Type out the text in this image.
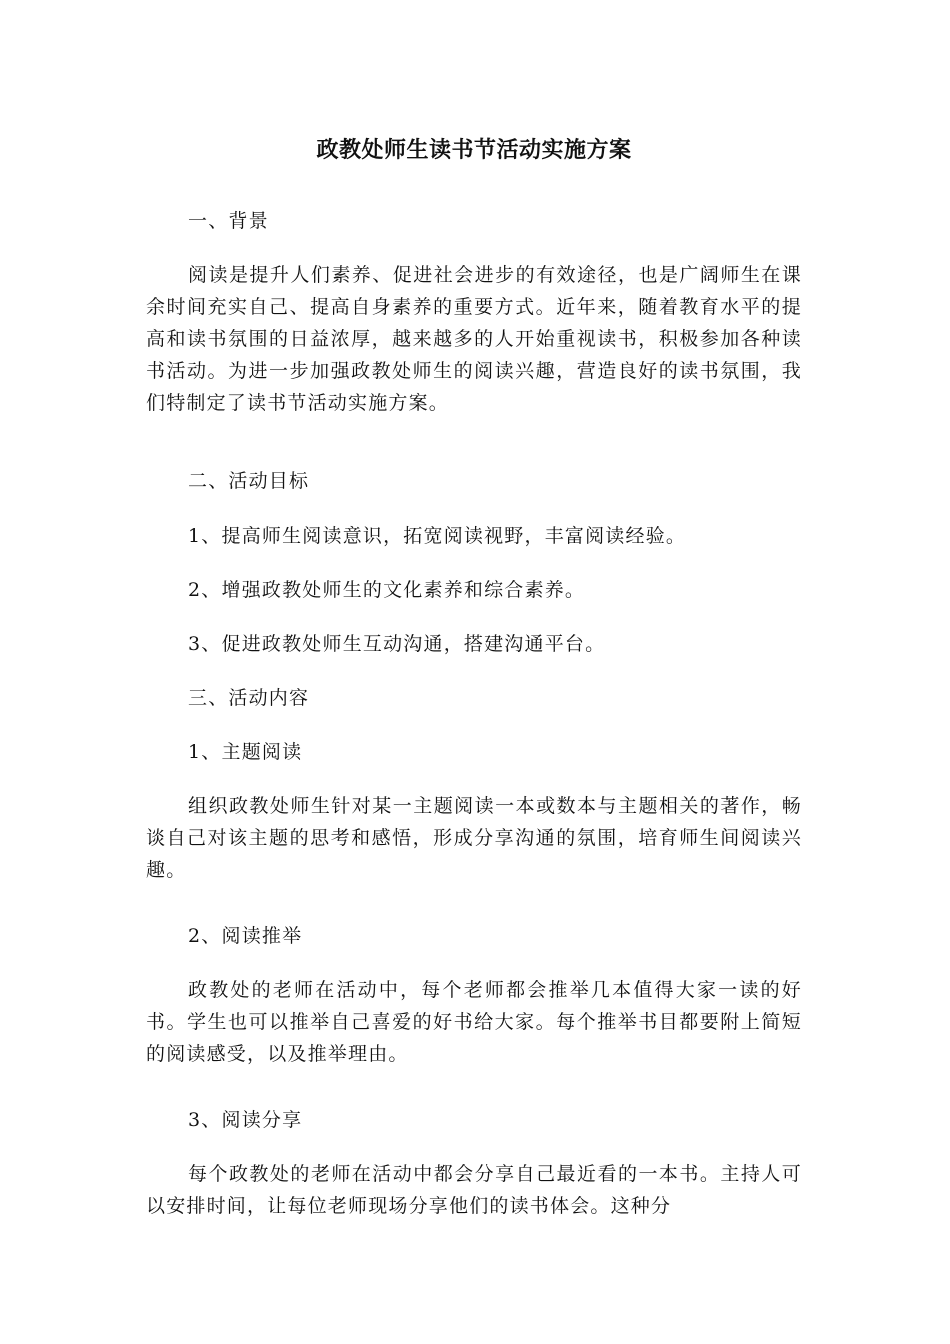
政教处师生读书节活动实施方案

一、背景

阅读是提升人们素养、促进社会进步的有效途径，也是广阔师生在课余时间充实自己、提高自身素养的重要方式。近年来，随着教育水平的提高和读书氛围的日益浓厚，越来越多的人开始重视读书，积极参加各种读书活动。为进一步加强政教处师生的阅读兴趣，营造良好的读书氛围，我们特制定了读书节活动实施方案。

二、活动目标

1、提高师生阅读意识，拓宽阅读视野，丰富阅读经验。

2、增强政教处师生的文化素养和综合素养。

3、促进政教处师生互动沟通，搭建沟通平台。

三、活动内容

1、主题阅读

组织政教处师生针对某一主题阅读一本或数本与主题相关的著作，畅谈自己对该主题的思考和感悟，形成分享沟通的氛围，培育师生间阅读兴趣。

2、阅读推举

政教处的老师在活动中，每个老师都会推举几本值得大家一读的好书。学生也可以推举自己喜爱的好书给大家。每个推举书目都要附上简短的阅读感受，以及推举理由。

3、阅读分享

每个政教处的老师在活动中都会分享自己最近看的一本书。主持人可以安排时间，让每位老师现场分享他们的读书体会。这种分
